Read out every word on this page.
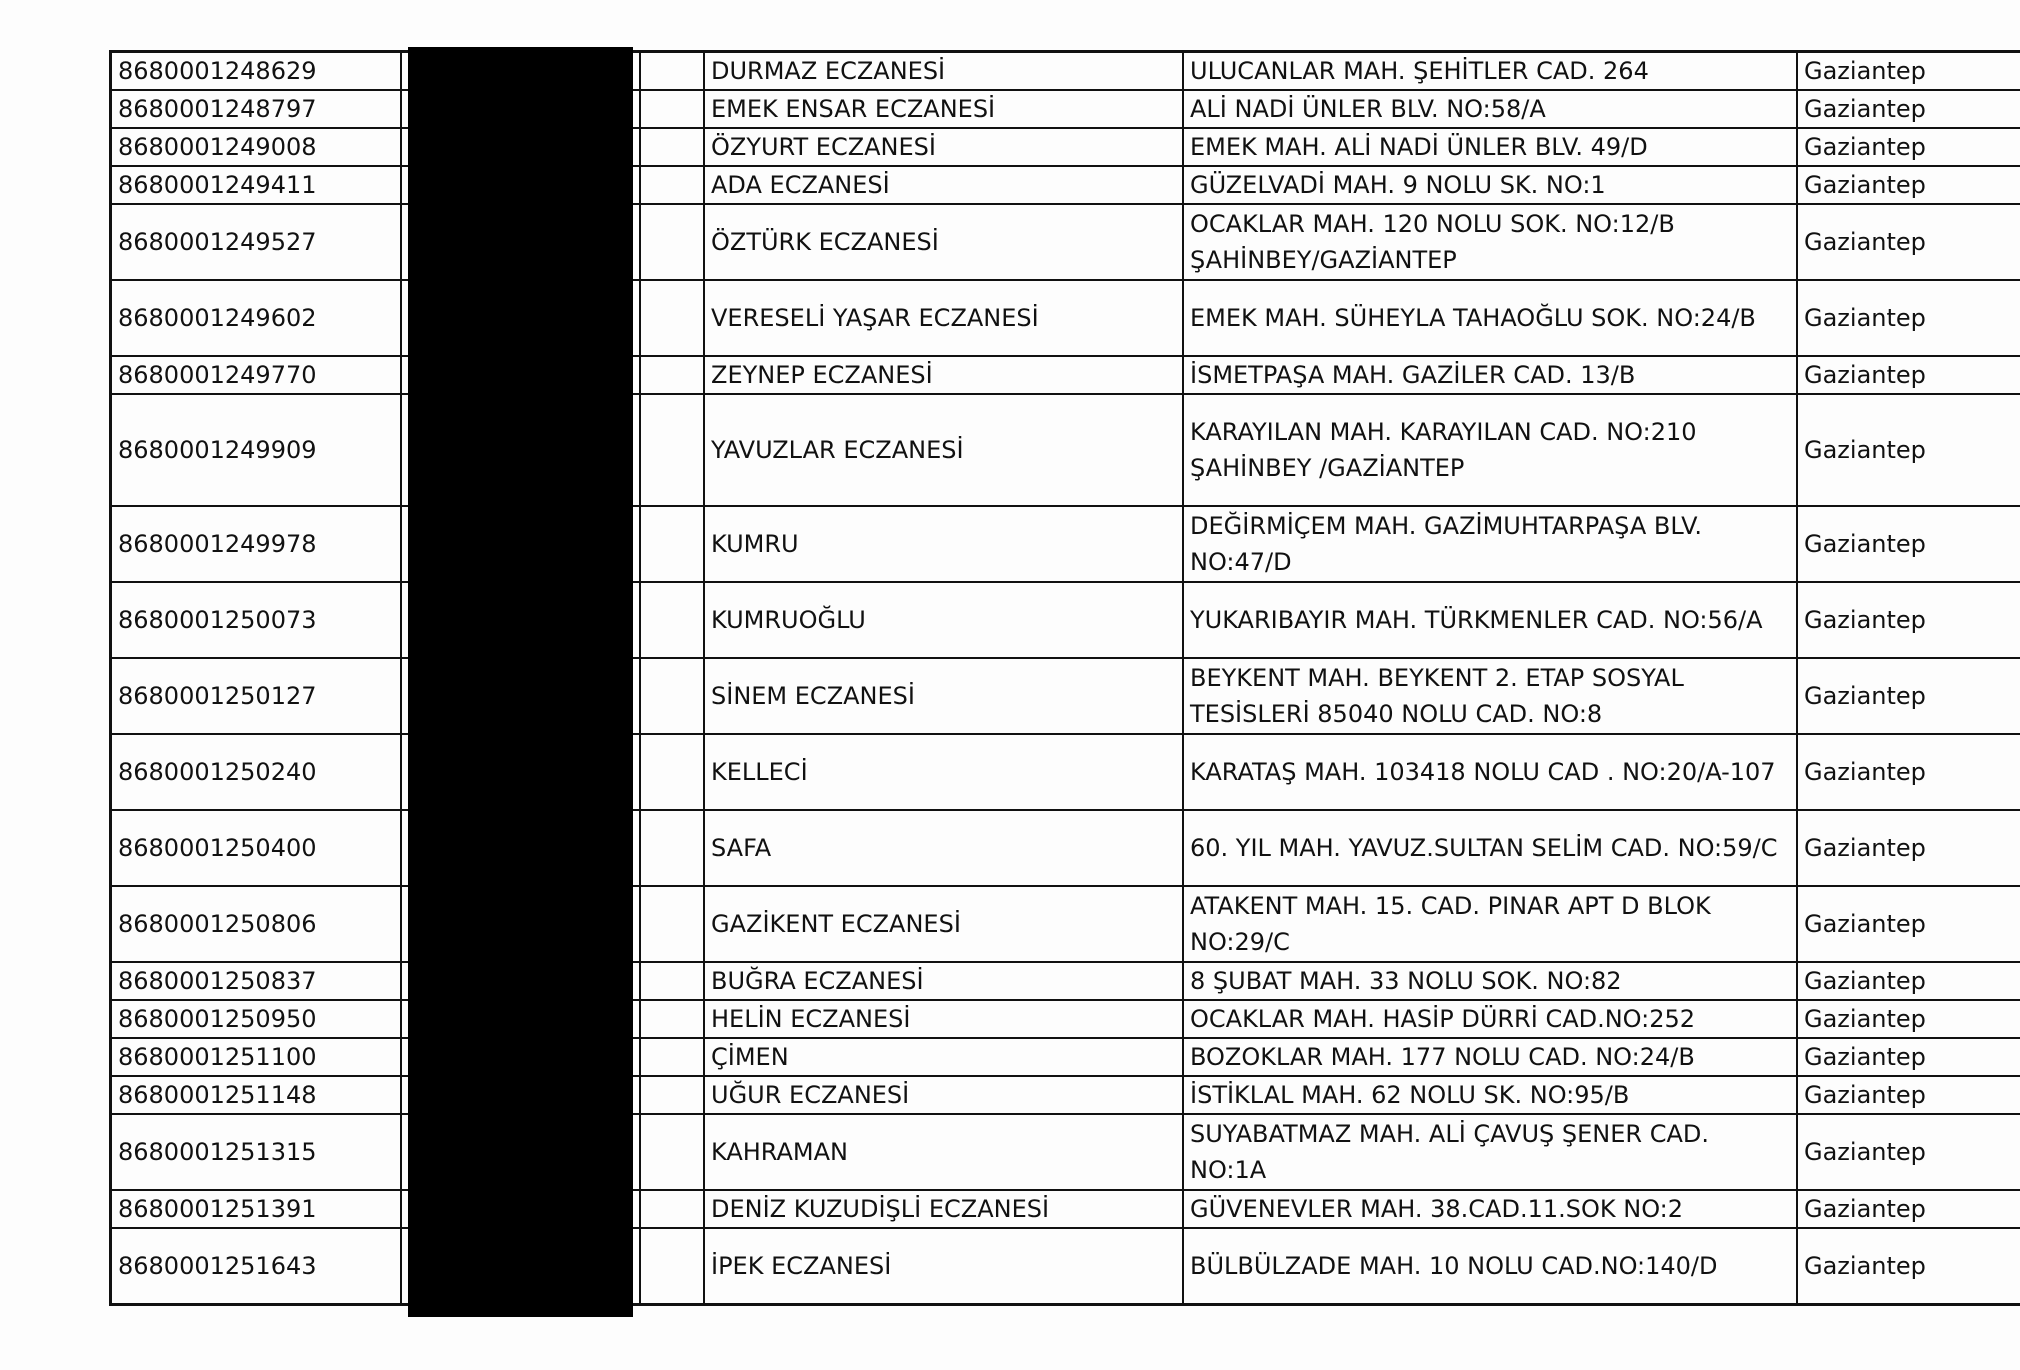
8680001248629			DURMAZ ECZANESİ	ULUCANLAR MAH. ŞEHİTLER CAD. 264	Gaziantep
8680001248797			EMEK ENSAR ECZANESİ	ALİ NADİ ÜNLER BLV. NO:58/A	Gaziantep
8680001249008			ÖZYURT ECZANESİ	EMEK MAH. ALİ NADİ ÜNLER BLV. 49/D	Gaziantep
8680001249411			ADA ECZANESİ	GÜZELVADİ MAH. 9 NOLU SK. NO:1	Gaziantep
8680001249527			ÖZTÜRK ECZANESİ	OCAKLAR MAH. 120 NOLU SOK. NO:12/B ŞAHİNBEY/GAZİANTEP	Gaziantep
8680001249602			VERESELİ YAŞAR ECZANESİ	EMEK MAH. SÜHEYLA TAHAOĞLU SOK. NO:24/B	Gaziantep
8680001249770			ZEYNEP ECZANESİ	İSMETPAŞA MAH. GAZİLER CAD. 13/B	Gaziantep
8680001249909			YAVUZLAR ECZANESİ	KARAYILAN MAH. KARAYILAN CAD. NO:210 ŞAHİNBEY /GAZİANTEP	Gaziantep
8680001249978			KUMRU	DEĞİRMİÇEM MAH. GAZİMUHTARPAŞA BLV. NO:47/D	Gaziantep
8680001250073			KUMRUOĞLU	YUKARIBAYIR MAH. TÜRKMENLER CAD. NO:56/A	Gaziantep
8680001250127			SİNEM ECZANESİ	BEYKENT MAH. BEYKENT 2. ETAP SOSYAL TESİSLERİ 85040 NOLU CAD. NO:8	Gaziantep
8680001250240			KELLECİ	KARATAŞ MAH. 103418 NOLU CAD . NO:20/A-107	Gaziantep
8680001250400			SAFA	60. YIL MAH. YAVUZ.SULTAN SELİM CAD. NO:59/C	Gaziantep
8680001250806			GAZİKENT ECZANESİ	ATAKENT MAH. 15. CAD. PINAR APT D BLOK NO:29/C	Gaziantep
8680001250837			BUĞRA ECZANESİ	8 ŞUBAT MAH. 33 NOLU SOK. NO:82	Gaziantep
8680001250950			HELİN ECZANESİ	OCAKLAR MAH. HASİP DÜRRİ CAD.NO:252	Gaziantep
8680001251100			ÇİMEN	BOZOKLAR MAH. 177 NOLU CAD. NO:24/B	Gaziantep
8680001251148			UĞUR ECZANESİ	İSTİKLAL MAH. 62 NOLU SK. NO:95/B	Gaziantep
8680001251315			KAHRAMAN	SUYABATMAZ MAH. ALİ ÇAVUŞ ŞENER CAD. NO:1A	Gaziantep
8680001251391			DENİZ KUZUDİŞLİ ECZANESİ	GÜVENEVLER MAH. 38.CAD.11.SOK NO:2	Gaziantep
8680001251643			İPEK ECZANESİ	BÜLBÜLZADE MAH. 10 NOLU CAD.NO:140/D	Gaziantep
